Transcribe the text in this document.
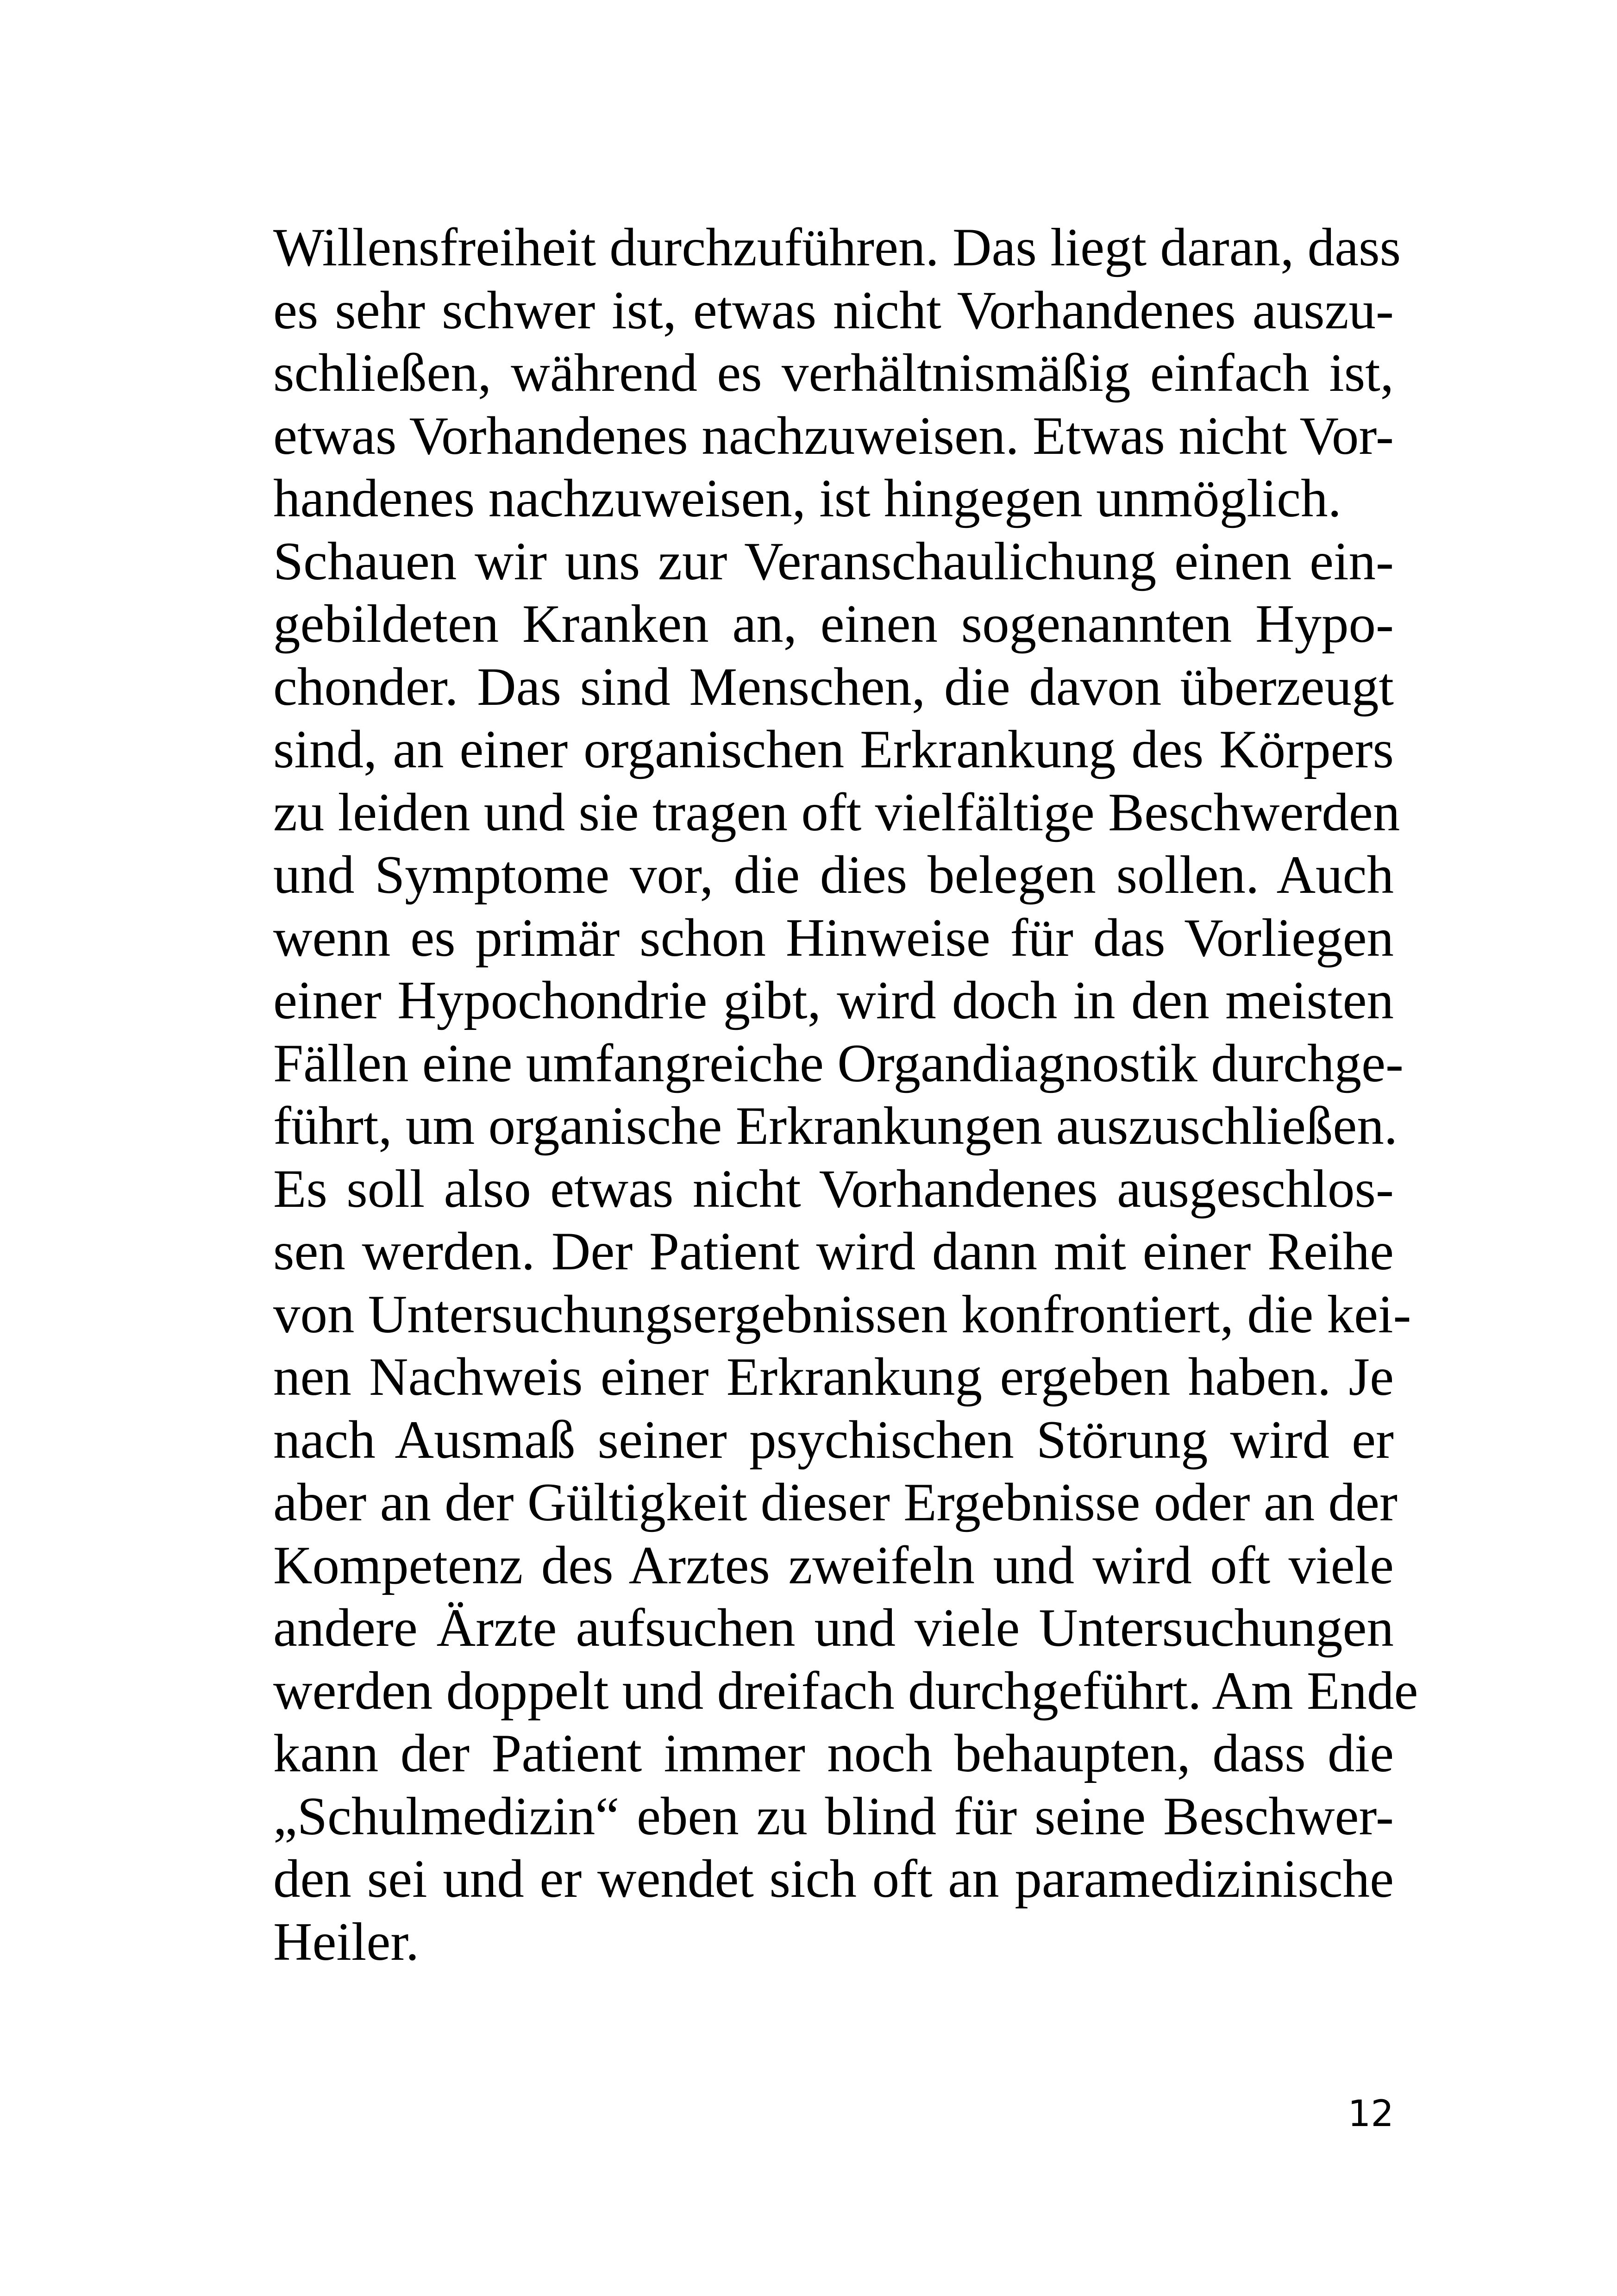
Willensfreiheit durchzuführen. Das liegt daran, dass
es sehr schwer ist, etwas nicht Vorhandenes auszu-
schließen, während es verhältnismäßig einfach ist,
etwas Vorhandenes nachzuweisen. Etwas nicht Vor-
handenes nachzuweisen, ist hingegen unmöglich.
Schauen wir uns zur Veranschaulichung einen ein-
gebildeten Kranken an, einen sogenannten Hypo-
chonder. Das sind Menschen, die davon überzeugt
sind, an einer organischen Erkrankung des Körpers
zu leiden und sie tragen oft vielfältige Beschwerden
und Symptome vor, die dies belegen sollen. Auch
wenn es primär schon Hinweise für das Vorliegen
einer Hypochondrie gibt, wird doch in den meisten
Fällen eine umfangreiche Organdiagnostik durchge-
führt, um organische Erkrankungen auszuschließen.
Es soll also etwas nicht Vorhandenes ausgeschlos-
sen werden. Der Patient wird dann mit einer Reihe
von Untersuchungsergebnissen konfrontiert, die kei-
nen Nachweis einer Erkrankung ergeben haben. Je
nach Ausmaß seiner psychischen Störung wird er
aber an der Gültigkeit dieser Ergebnisse oder an der
Kompetenz des Arztes zweifeln und wird oft viele
andere Ärzte aufsuchen und viele Untersuchungen
werden doppelt und dreifach durchgeführt. Am Ende
kann der Patient immer noch behaupten, dass die
„Schulmedizin“ eben zu blind für seine Beschwer-
den sei und er wendet sich oft an paramedizinische
Heiler.
12
